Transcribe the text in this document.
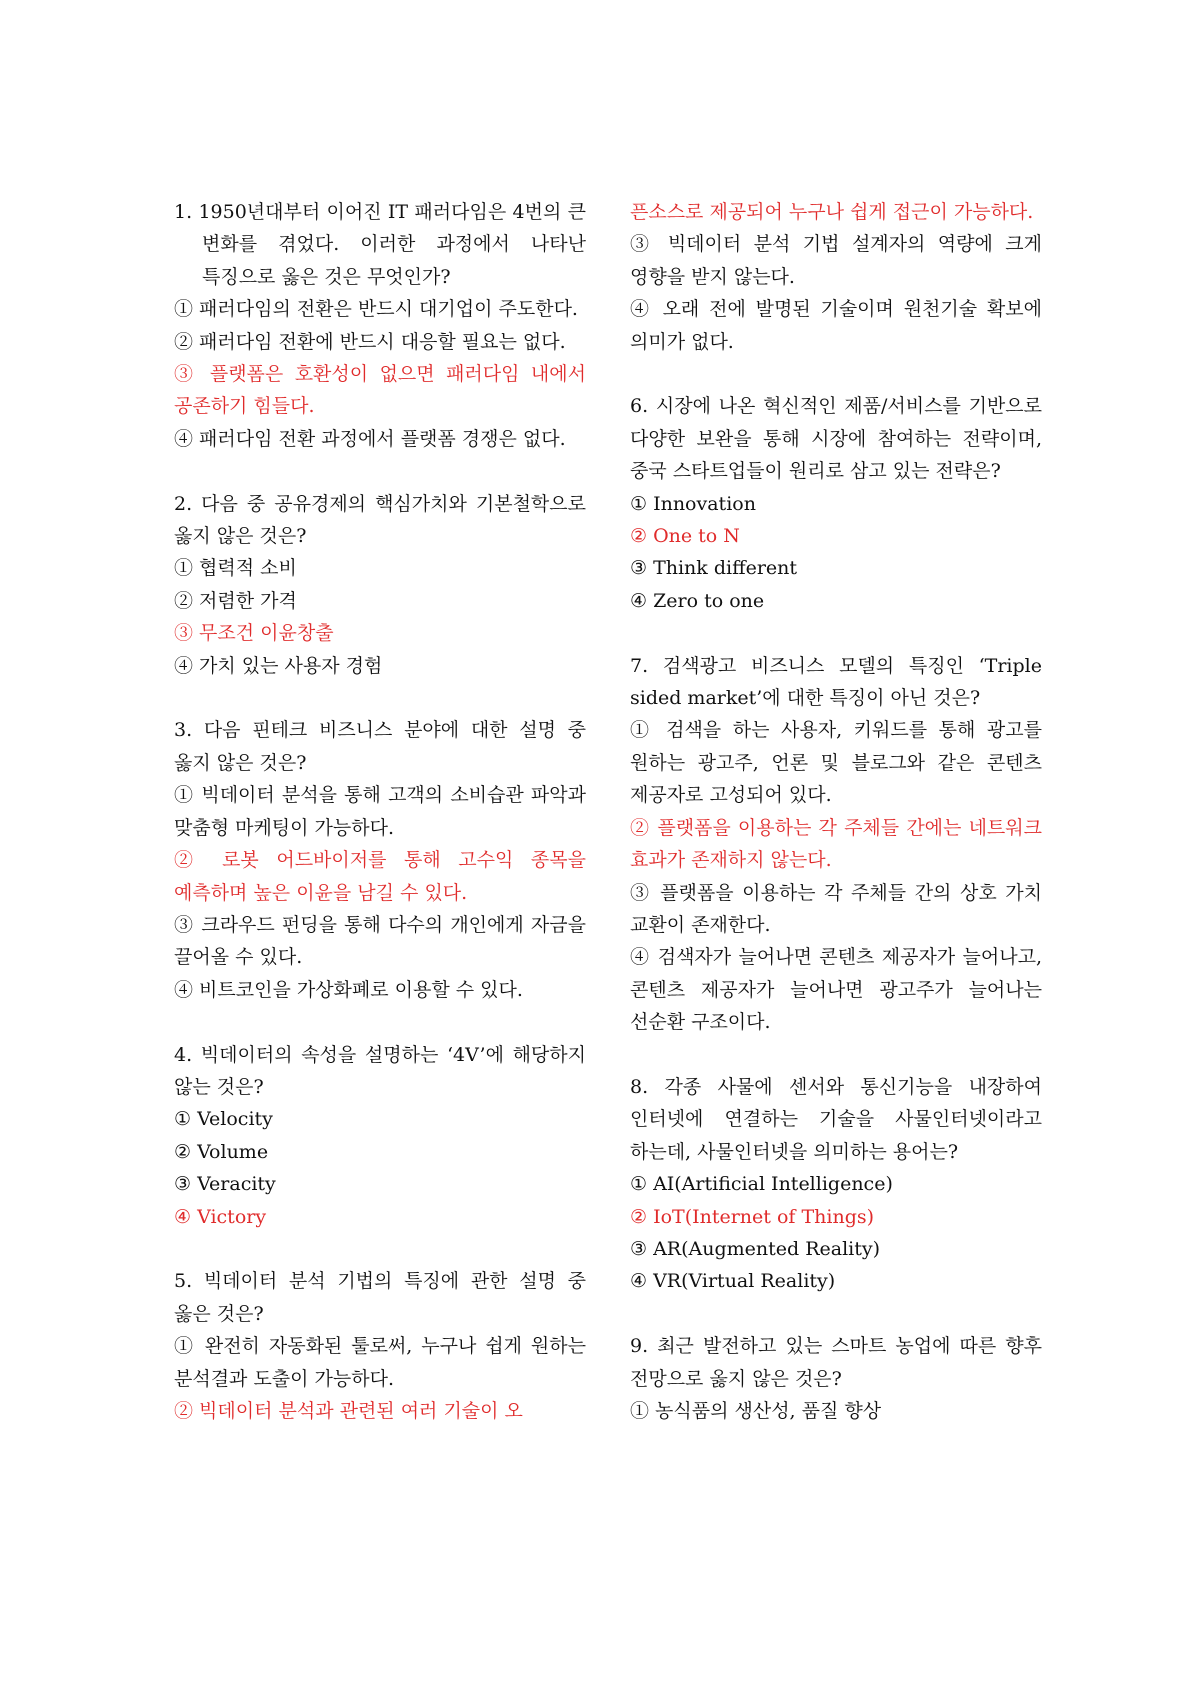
1. 1950년대부터 이어진 IT 패러다임은 4번의 큰 변화를 겪었다. 이러한 과정에서 나타난 특징으로 옳은 것은 무엇인가?

① 패러다임의 전환은 반드시 대기업이 주도한다.

② 패러다임 전환에 반드시 대응할 필요는 없다.

③ 플랫폼은 호환성이 없으면 패러다임 내에서 공존하기 힘들다.

④ 패러다임 전환 과정에서 플랫폼 경쟁은 없다.

2. 다음 중 공유경제의 핵심가치와 기본철학으로 옳지 않은 것은?

① 협력적 소비

② 저렴한 가격

③ 무조건 이윤창출

④ 가치 있는 사용자 경험

3. 다음 핀테크 비즈니스 분야에 대한 설명 중 옳지 않은 것은?

① 빅데이터 분석을 통해 고객의 소비습관 파악과 맞춤형 마케팅이 가능하다.

② 로봇 어드바이저를 통해 고수익 종목을 예측하며 높은 이윤을 남길 수 있다.

③ 크라우드 펀딩을 통해 다수의 개인에게 자금을 끌어올 수 있다.

④ 비트코인을 가상화폐로 이용할 수 있다.

4. 빅데이터의 속성을 설명하는 ‘4V’에 해당하지 않는 것은?

① Velocity

② Volume

③ Veracity

④ Victory

5. 빅데이터 분석 기법의 특징에 관한 설명 중 옳은 것은?

① 완전히 자동화된 툴로써, 누구나 쉽게 원하는 분석결과 도출이 가능하다.

② 빅데이터 분석과 관련된 여러 기술이 오

픈소스로 제공되어 누구나 쉽게 접근이 가능하다.

③ 빅데이터 분석 기법 설계자의 역량에 크게 영향을 받지 않는다.

④ 오래 전에 발명된 기술이며 원천기술 확보에 의미가 없다.

6. 시장에 나온 혁신적인 제품/서비스를 기반으로 다양한 보완을 통해 시장에 참여하는 전략이며, 중국 스타트업들이 원리로 삼고 있는 전략은?

① Innovation

② One to N

③ Think different

④ Zero to one

7. 검색광고 비즈니스 모델의 특징인 ‘Triple sided market’에 대한 특징이 아닌 것은?

① 검색을 하는 사용자, 키워드를 통해 광고를 원하는 광고주, 언론 및 블로그와 같은 콘텐츠 제공자로 고성되어 있다.

② 플랫폼을 이용하는 각 주체들 간에는 네트워크 효과가 존재하지 않는다.

③ 플랫폼을 이용하는 각 주체들 간의 상호 가치 교환이 존재한다.

④ 검색자가 늘어나면 콘텐츠 제공자가 늘어나고, 콘텐츠 제공자가 늘어나면 광고주가 늘어나는 선순환 구조이다.

8. 각종 사물에 센서와 통신기능을 내장하여 인터넷에 연결하는 기술을 사물인터넷이라고 하는데, 사물인터넷을 의미하는 용어는?

① AI(Artificial Intelligence)

② IoT(Internet of Things)

③ AR(Augmented Reality)

④ VR(Virtual Reality)

9. 최근 발전하고 있는 스마트 농업에 따른 향후 전망으로 옳지 않은 것은?

① 농식품의 생산성, 품질 향상
